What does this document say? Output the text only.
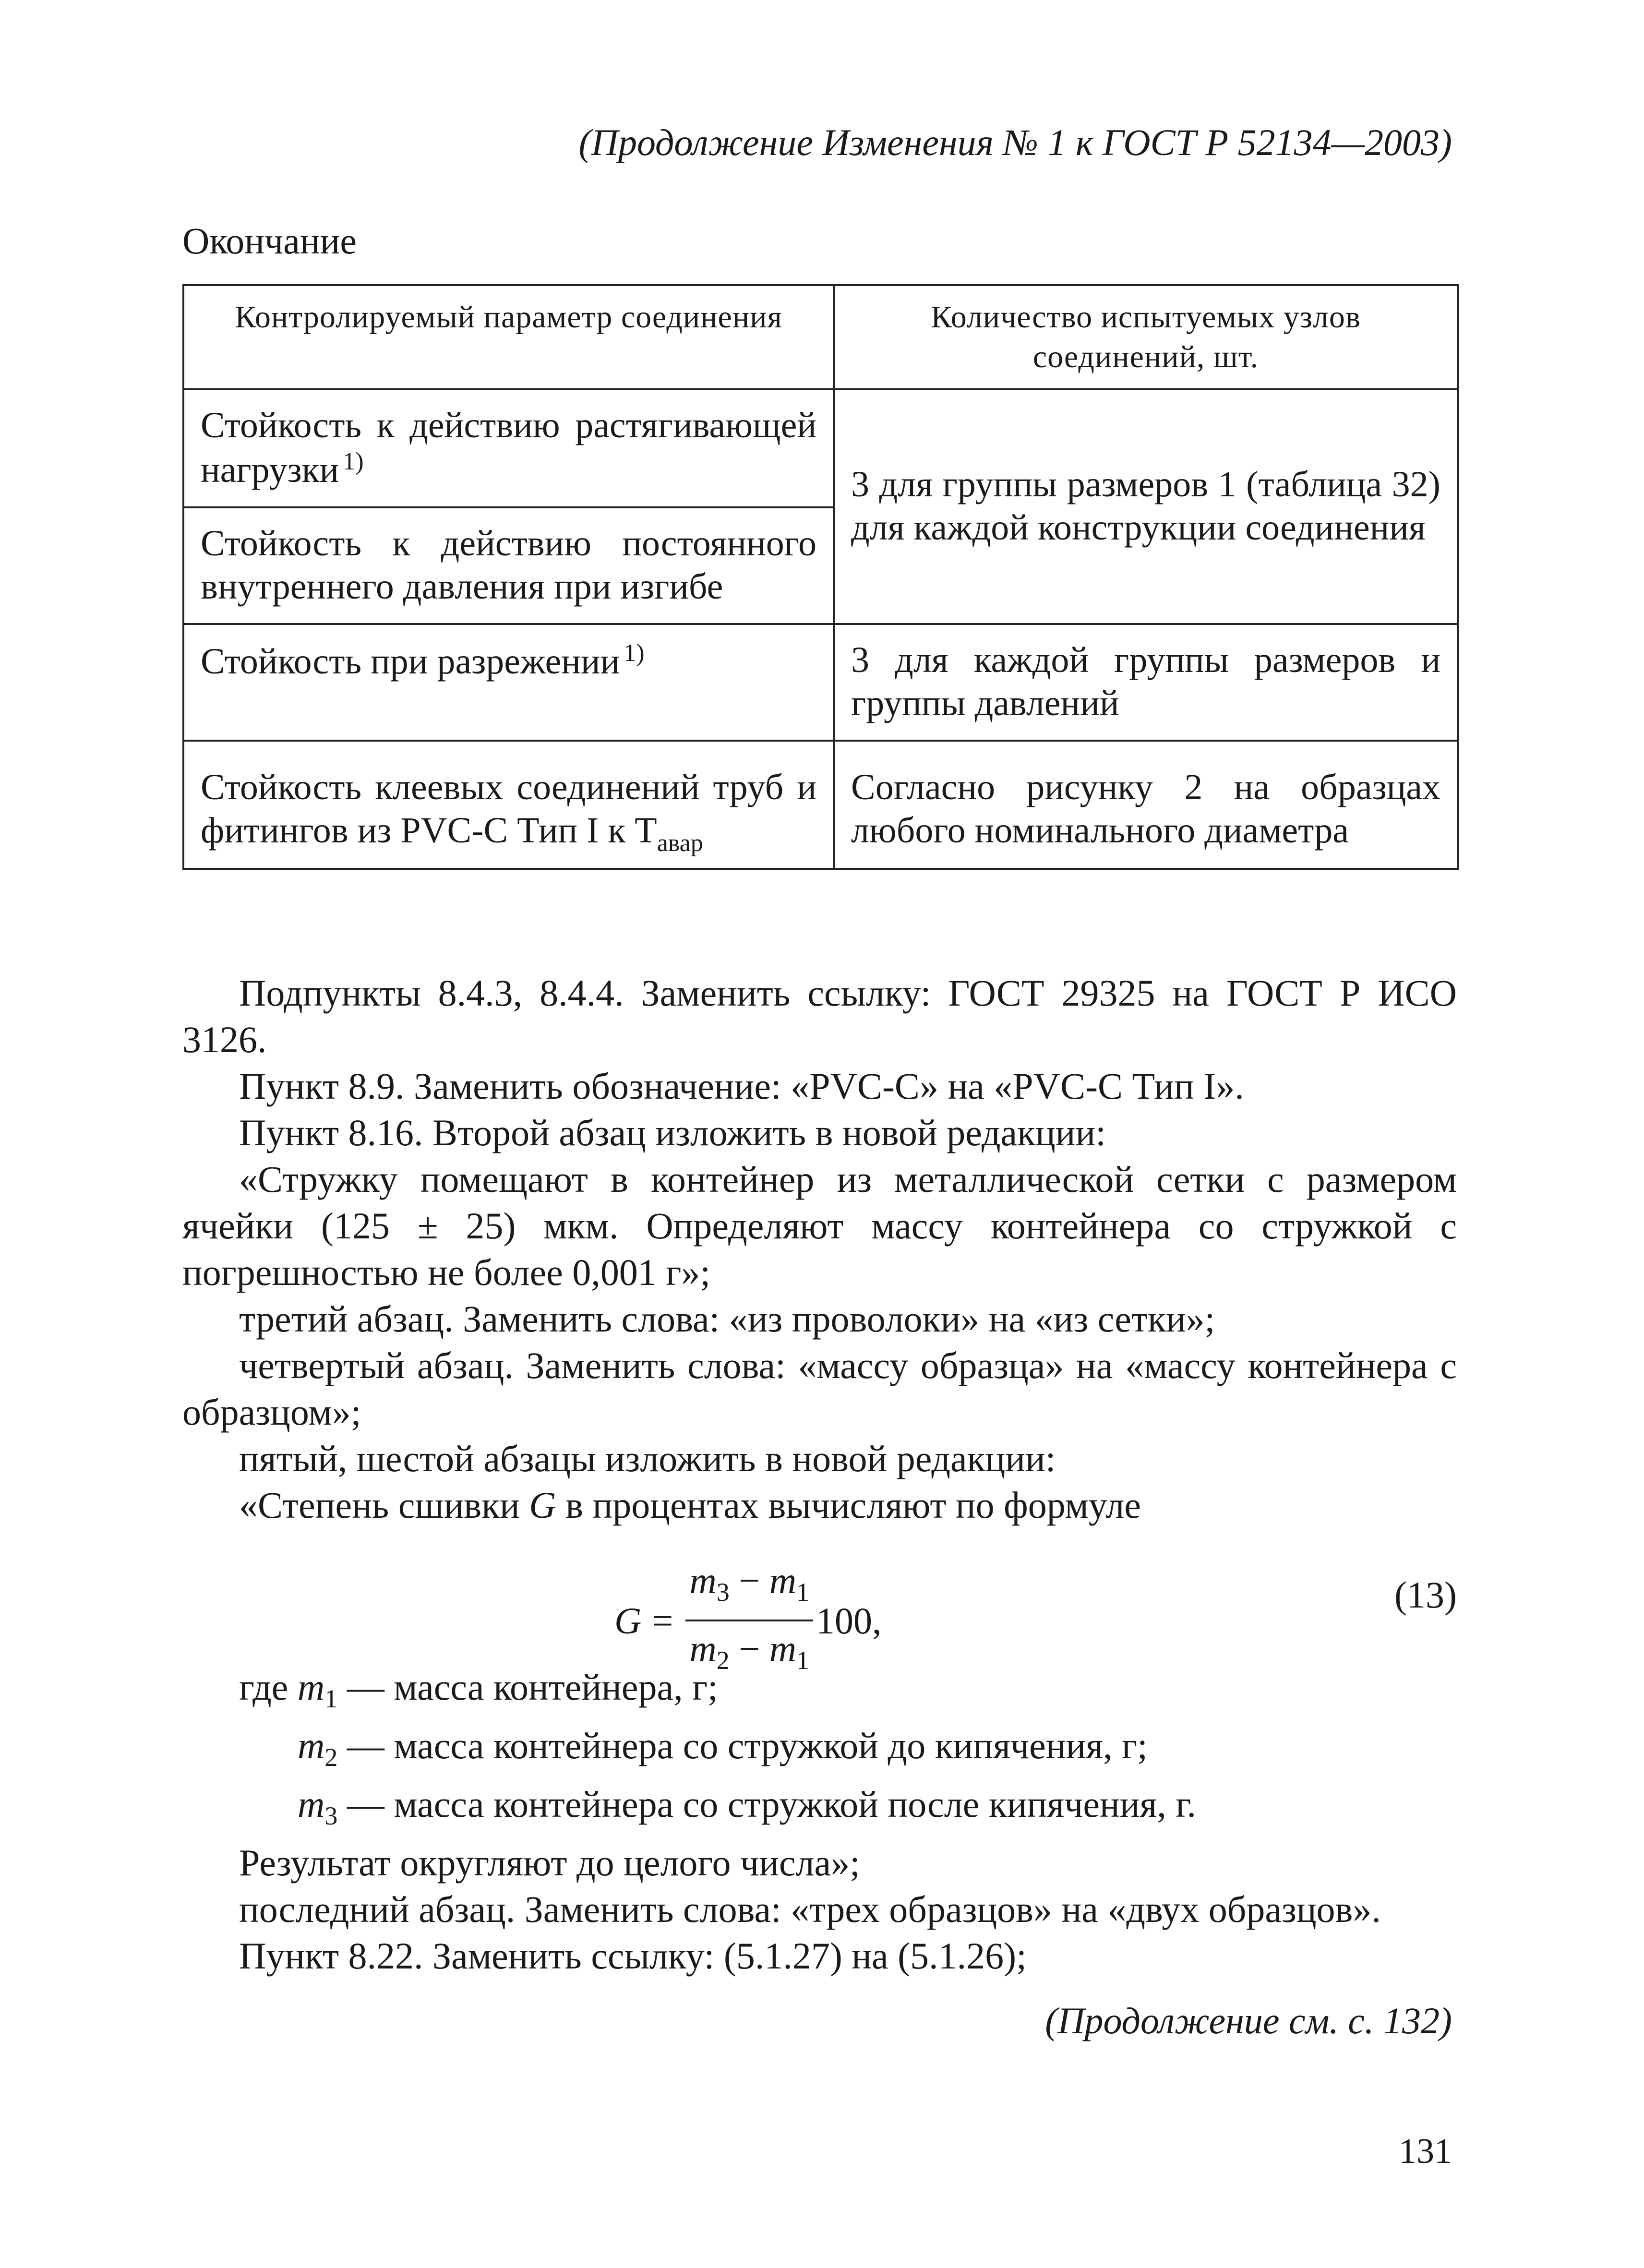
(Продолжение Изменения № 1 к ГОСТ Р 52134—2003)
Окончание
Контролируемый параметр соединения	Количество испытуемых узлов соединений, шт.
Стойкость к действию растягивающей нагрузки $^{1)}$	3 для группы размеров 1 (таблица 32) для каждой конструкции соединения
Стойкость к действию постоянного внутреннего давления при изгибе	
Стойкость при разрежении $^{1)}$	3 для каждой группы размеров и группы давлений
Стойкость клеевых соединений труб и фитингов из PVC-C Тип I к $T_{авар}$	Согласно рисунку 2 на образцах любого номинального диаметра

Подпункты 8.4.3, 8.4.4. Заменить ссылку: ГОСТ 29325 на ГОСТ Р ИСО 3126.

Пункт 8.9. Заменить обозначение: «PVC-C» на «PVC-C Тип I».

Пункт 8.16. Второй абзац изложить в новой редакции:

«Стружку помещают в контейнер из металлической сетки с размером ячейки (125 ± 25) мкм. Определяют массу контейнера со стружкой с погрешностью не более 0,001 г»;

третий абзац. Заменить слова: «из проволоки» на «из сетки»;

четвертый абзац. Заменить слова: «массу образца» на «массу контейнера с образцом»;

пятый, шестой абзацы изложить в новой редакции:

«Степень сшивки G в процентах вычисляют по формуле

$G = \frac{m_3 - m_1}{m_2 - m_1} 100$,
(13)

где $m_1$ — масса контейнера, г;

$m_2$ — масса контейнера со стружкой до кипячения, г;

$m_3$ — масса контейнера со стружкой после кипячения, г.

Результат округляют до целого числа»;

последний абзац. Заменить слова: «трех образцов» на «двух образцов».

Пункт 8.22. Заменить ссылку: (5.1.27) на (5.1.26);

(Продолжение см. с. 132)
131
